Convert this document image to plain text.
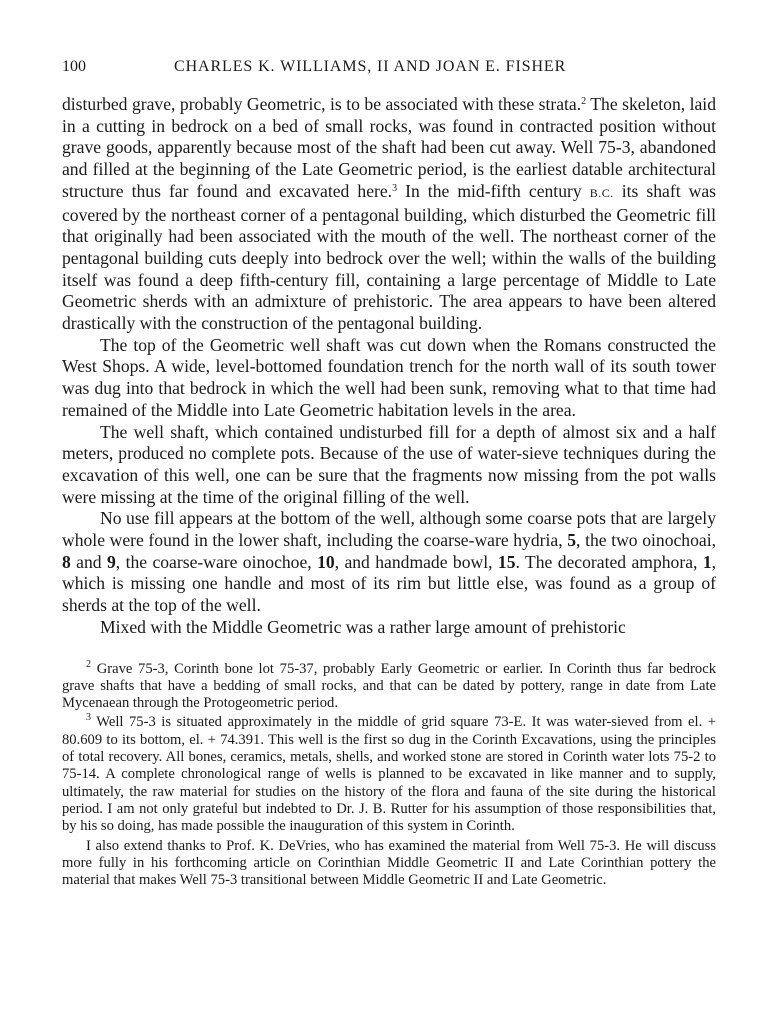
100	CHARLES K. WILLIAMS, II AND JOAN E. FISHER

disturbed grave, probably Geometric, is to be associated with these strata.$^2$ The skeleton, laid in a cutting in bedrock on a bed of small rocks, was found in contracted position without grave goods, apparently because most of the shaft had been cut away. Well 75-3, abandoned and filled at the beginning of the Late Geometric period, is the earliest datable architectural structure thus far found and excavated here.$^3$ In the mid-fifth century B.C. its shaft was covered by the northeast corner of a pentagonal building, which disturbed the Geometric fill that originally had been associated with the mouth of the well. The northeast corner of the pentagonal building cuts deeply into bedrock over the well; within the walls of the building itself was found a deep fifth-century fill, containing a large percentage of Middle to Late Geometric sherds with an admixture of prehistoric. The area appears to have been altered drastically with the construction of the pentagonal building.

The top of the Geometric well shaft was cut down when the Romans constructed the West Shops. A wide, level-bottomed foundation trench for the north wall of its south tower was dug into that bedrock in which the well had been sunk, removing what to that time had remained of the Middle into Late Geometric habitation levels in the area.

The well shaft, which contained undisturbed fill for a depth of almost six and a half meters, produced no complete pots. Because of the use of water-sieve techniques during the excavation of this well, one can be sure that the fragments now missing from the pot walls were missing at the time of the original filling of the well.

No use fill appears at the bottom of the well, although some coarse pots that are largely whole were found in the lower shaft, including the coarse-ware hydria, 5, the two oinochoai, 8 and 9, the coarse-ware oinochoe, 10, and handmade bowl, 15. The decorated amphora, 1, which is missing one handle and most of its rim but little else, was found as a group of sherds at the top of the well.

Mixed with the Middle Geometric was a rather large amount of prehistoric

$^2$ Grave 75-3, Corinth bone lot 75-37, probably Early Geometric or earlier. In Corinth thus far bedrock grave shafts that have a bedding of small rocks, and that can be dated by pottery, range in date from Late Mycenaean through the Protogeometric period.

$^3$ Well 75-3 is situated approximately in the middle of grid square 73-E. It was water-sieved from el. + 80.609 to its bottom, el. + 74.391. This well is the first so dug in the Corinth Excavations, using the principles of total recovery. All bones, ceramics, metals, shells, and worked stone are stored in Corinth water lots 75-2 to 75-14. A complete chronological range of wells is planned to be excavated in like manner and to supply, ultimately, the raw material for studies on the history of the flora and fauna of the site during the historical period. I am not only grateful but indebted to Dr. J. B. Rutter for his assumption of those responsibilities that, by his so doing, has made possible the inauguration of this system in Corinth.

I also extend thanks to Prof. K. DeVries, who has examined the material from Well 75-3. He will discuss more fully in his forthcoming article on Corinthian Middle Geometric II and Late Corinthian pottery the material that makes Well 75-3 transitional between Middle Geometric II and Late Geometric.
